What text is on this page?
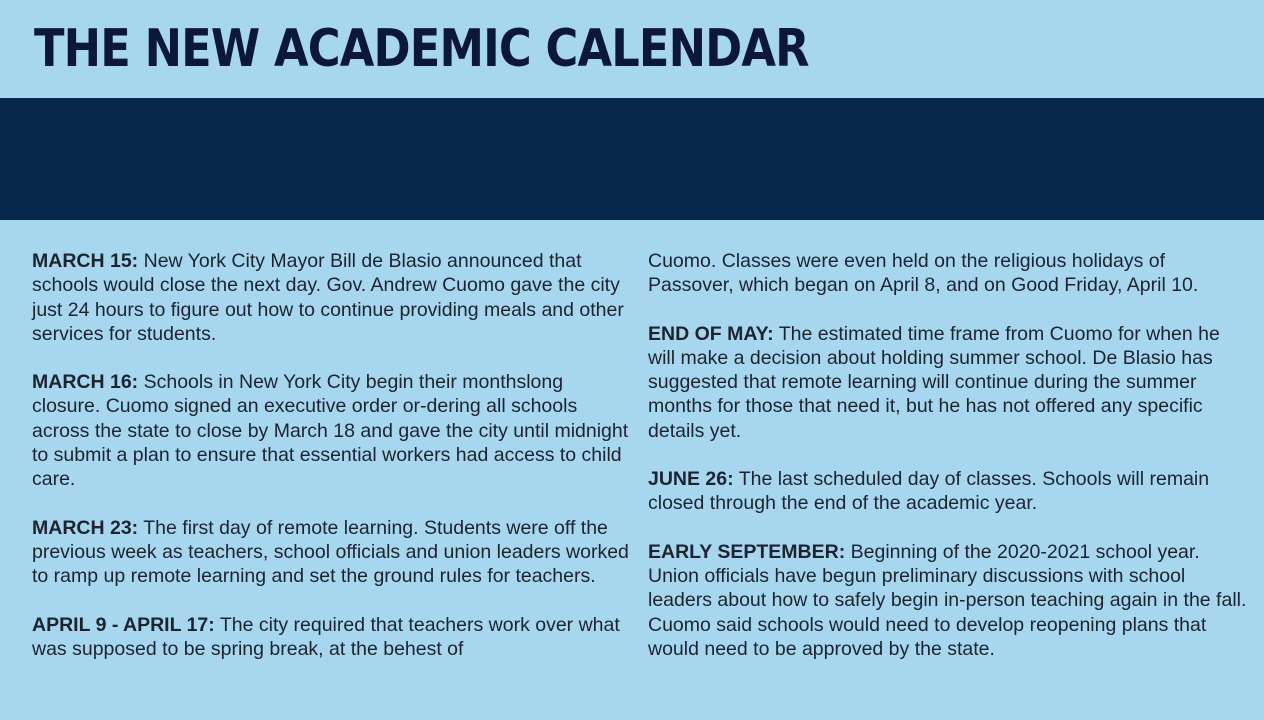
THE NEW ACADEMIC CALENDAR

MARCH 15: New York City Mayor Bill de Blasio announced that schools would close the next day. Gov. Andrew Cuomo gave the city just 24 hours to figure out how to continue providing meals and other services for students.

MARCH 16: Schools in New York City begin their monthslong closure. Cuomo signed an executive order or-dering all schools across the state to close by March 18 and gave the city until midnight to submit a plan to ensure that essential workers had access to child care.

MARCH 23: The first day of remote learning. Students were off the previous week as teachers, school officials and union leaders worked to ramp up remote learning and set the ground rules for teachers.

APRIL 9 - APRIL 17: The city required that teachers work over what was supposed to be spring break, at the behest of

Cuomo. Classes were even held on the religious holidays of Passover, which began on April 8, and on Good Friday, April 10.

END OF MAY: The estimated time frame from Cuomo for when he will make a decision about holding summer school. De Blasio has suggested that remote learning will continue during the summer months for those that need it, but he has not offered any specific details yet.

JUNE 26: The last scheduled day of classes. Schools will remain closed through the end of the academic year.

EARLY SEPTEMBER: Beginning of the 2020-2021 school year. Union officials have begun preliminary discussions with school leaders about how to safely begin in-person teaching again in the fall. Cuomo said schools would need to develop reopening plans that would need to be approved by the state.
